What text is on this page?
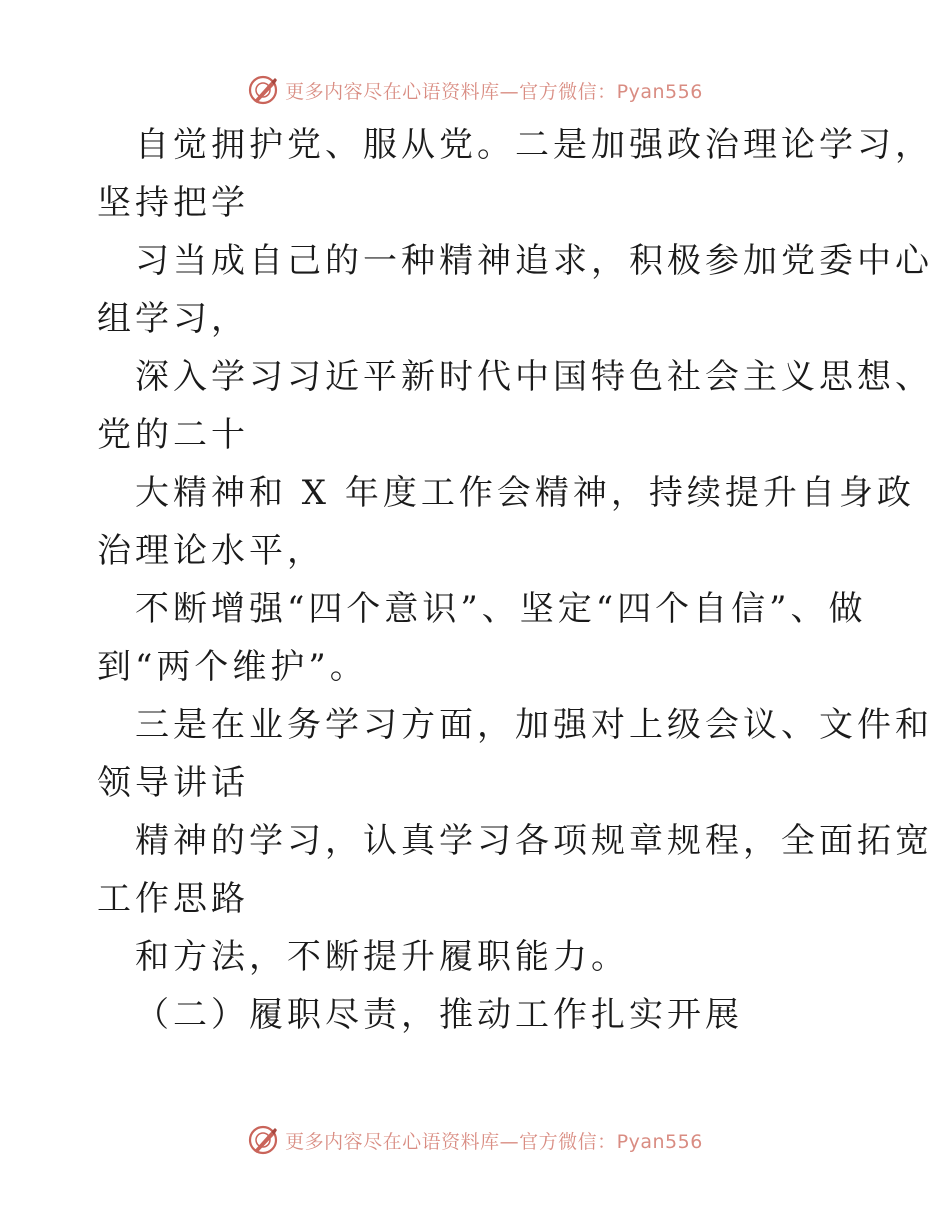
更多内容尽在心语资料库—官方微信：Pyan556
自觉拥护党、服从党。二是加强政治理论学习，
坚持把学
习当成自己的一种精神追求，积极参加党委中心
组学习，
深入学习习近平新时代中国特色社会主义思想、
党的二十
大精神和 X 年度工作会精神，持续提升自身政
治理论水平，
不断增强“四个意识”、坚定“四个自信”、做
到“两个维护”。
三是在业务学习方面，加强对上级会议、文件和
领导讲话
精神的学习，认真学习各项规章规程，全面拓宽
工作思路
和方法，不断提升履职能力。
（二）履职尽责，推动工作扎实开展
更多内容尽在心语资料库—官方微信：Pyan556
